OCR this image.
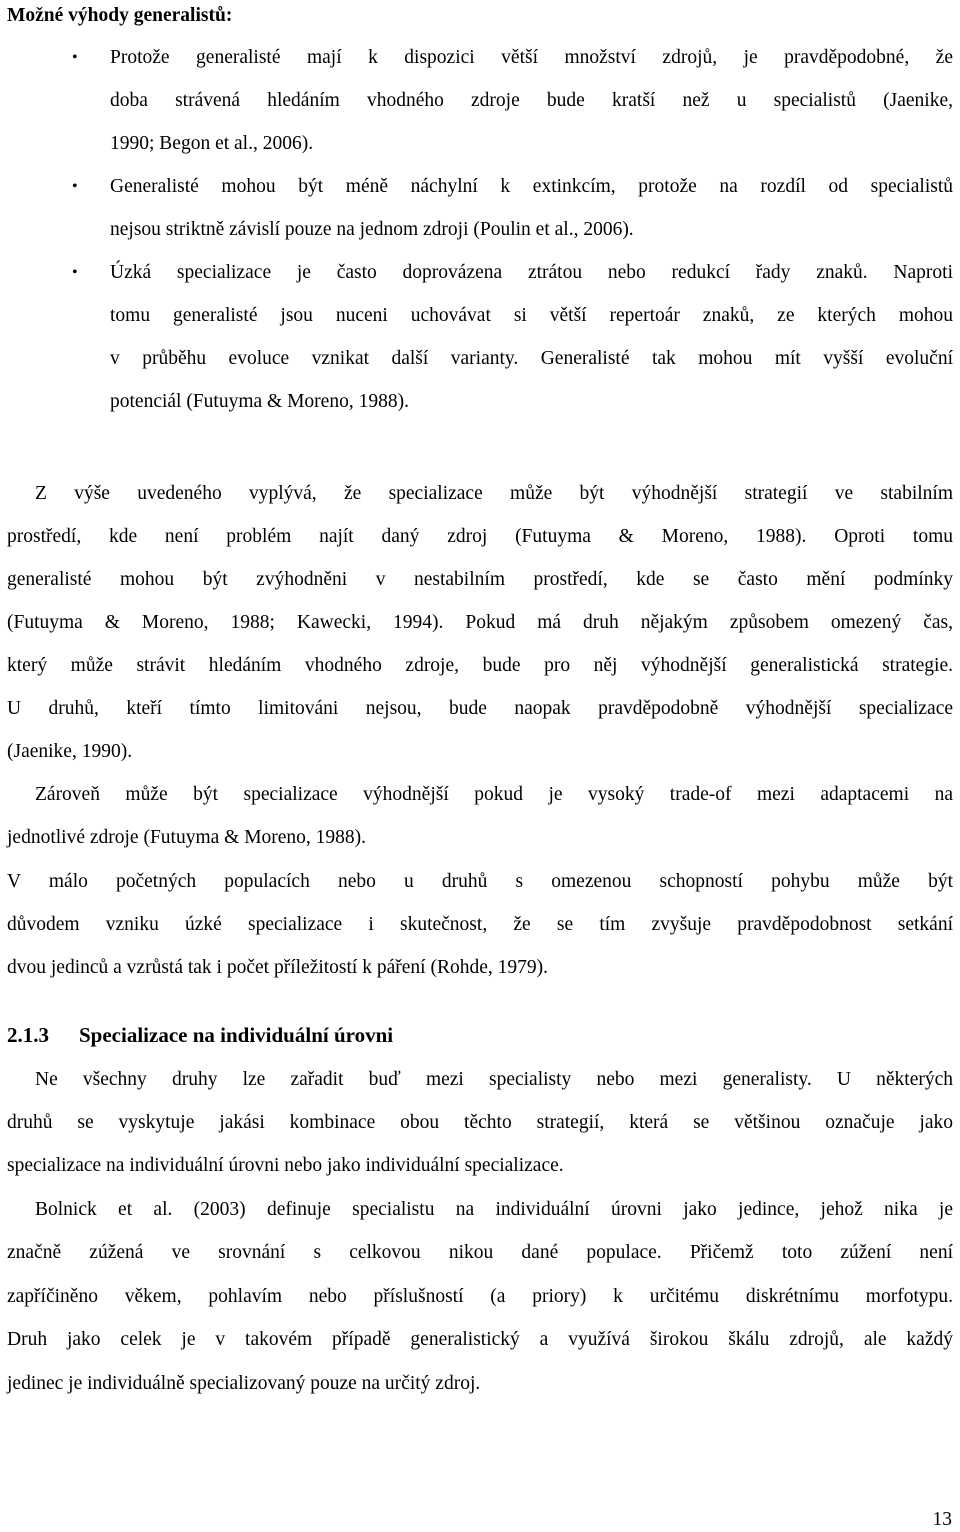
Možné výhody generalistů:
• Protože generalisté mají k dispozici větší množství zdrojů, je pravděpodobné, že
doba strávená hledáním vhodného zdroje bude kratší než u specialistů (Jaenike,
1990; Begon et al., 2006).
• Generalisté mohou být méně náchylní k extinkcím, protože na rozdíl od specialistů
nejsou striktně závislí pouze na jednom zdroji (Poulin et al., 2006).
• Úzká specializace je často doprovázena ztrátou nebo redukcí řady znaků. Naproti
tomu generalisté jsou nuceni uchovávat si větší repertoár znaků, ze kterých mohou
v průběhu evoluce vznikat další varianty. Generalisté tak mohou mít vyšší evoluční
potenciál (Futuyma & Moreno, 1988).
Z výše uvedeného vyplývá, že specializace může být výhodnější strategií ve stabilním
prostředí, kde není problém najít daný zdroj (Futuyma & Moreno, 1988). Oproti tomu
generalisté mohou být zvýhodněni v nestabilním prostředí, kde se často mění podmínky
(Futuyma & Moreno, 1988; Kawecki, 1994). Pokud má druh nějakým způsobem omezený čas,
který může strávit hledáním vhodného zdroje, bude pro něj výhodnější generalistická strategie.
U druhů, kteří tímto limitováni nejsou, bude naopak pravděpodobně výhodnější specializace
(Jaenike, 1990).
Zároveň může být specializace výhodnější pokud je vysoký trade-of mezi adaptacemi na
jednotlivé zdroje (Futuyma & Moreno, 1988).
V málo početných populacích nebo u druhů s omezenou schopností pohybu může být
důvodem vzniku úzké specializace i skutečnost, že se tím zvyšuje pravděpodobnost setkání
dvou jedinců a vzrůstá tak i počet příležitostí k páření (Rohde, 1979).
2.1.3 Specializace na individuální úrovni
Ne všechny druhy lze zařadit buď mezi specialisty nebo mezi generalisty. U některých
druhů se vyskytuje jakási kombinace obou těchto strategií, která se většinou označuje jako
specializace na individuální úrovni nebo jako individuální specializace.
Bolnick et al. (2003) definuje specialistu na individuální úrovni jako jedince, jehož nika je
značně zúžená ve srovnání s celkovou nikou dané populace. Přičemž toto zúžení není
zapříčiněno věkem, pohlavím nebo příslušností (a priory) k určitému diskrétnímu morfotypu.
Druh jako celek je v takovém případě generalistický a využívá širokou škálu zdrojů, ale každý
jedinec je individuálně specializovaný pouze na určitý zdroj.
13
